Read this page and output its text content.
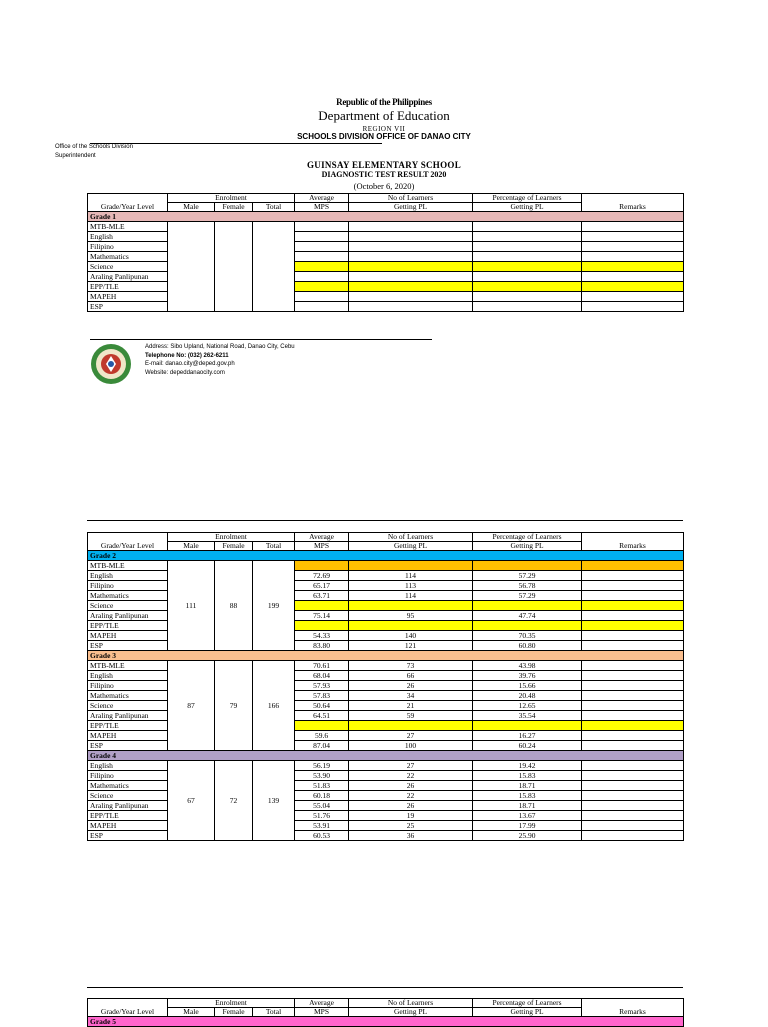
Republic of the Philippines
Department of Education
REGION VII
SCHOOLS DIVISION OFFICE OF DANAO CITY
Office of the Schools Division Superintendent
GUINSAY ELEMENTARY SCHOOL
DIAGNOSTIC TEST RESULT 2020
(October 6, 2020)
Grade/Year Level	Enrolment			Average	No of Learners	Percentage of Learners	Remarks
	Male	Female	Total	MPS	Getting PL	Getting PL	
Grade 1							
MTB-MLE							
English							
Filipino							
Mathematics							
Science							
Araling Panlipunan							
EPP/TLE							
MAPEH							
ESP							
Address: Sibo Upland, National Road, Danao City, Cebu
Telephone No: (032) 262-6211
E-mail: danao.city@deped.gov.ph
Website: depeddanaocity.com
Grade/Year Level	Enrolment			Average	No of Learners	Percentage of Learners	Remarks
	Male	Female	Total	MPS	Getting PL	Getting PL	
Grade 2							
MTB-MLE	111	88	199				
English				72.69	114	57.29	
Filipino				65.17	113	56.78	
Mathematics				63.71	114	57.29	
Science							
Araling Panlipunan				75.14	95	47.74	
EPP/TLE							
MAPEH				54.33	140	70.35	
ESP				83.80	121	60.80	
Grade 3							
MTB-MLE	87	79	166	70.61	73	43.98	
English				68.04	66	39.76	
Filipino				57.93	26	15.66	
Mathematics				57.83	34	20.48	
Science				50.64	21	12.65	
Araling Panlipunan				64.51	59	35.54	
EPP/TLE							
MAPEH				59.6	27	16.27	
ESP				87.04	100	60.24	
Grade 4							
English	67	72	139	56.19	27	19.42	
Filipino				53.90	22	15.83	
Mathematics				51.83	26	18.71	
Science				60.18	22	15.83	
Araling Panlipunan				55.04	26	18.71	
EPP/TLE				51.76	19	13.67	
MAPEH				53.91	25	17.99	
ESP				60.53	36	25.90	
Grade/Year Level	Enrolment			Average	No of Learners	Percentage of Learners	Remarks
	Male	Female	Total	MPS	Getting PL	Getting PL	
Grade 5							
